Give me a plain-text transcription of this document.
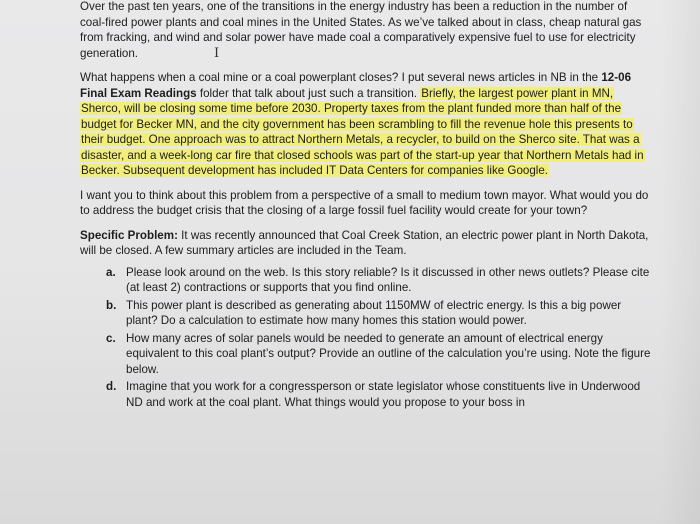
Over the past ten years, one of the transitions in the energy industry has been a reduction in the number of coal-fired power plants and coal mines in the United States. As we’ve talked about in class, cheap natural gas from fracking, and wind and solar power have made coal a comparatively expensive fuel to use for electricity generation.	I

What happens when a coal mine or a coal powerplant closes? I put several news articles in NB in the 12-06 Final Exam Readings folder that talk about just such a transition. Briefly, the largest power plant in MN, Sherco, will be closing some time before 2030. Property taxes from the plant funded more than half of the budget for Becker MN, and the city government has been scrambling to fill the revenue hole this presents to their budget. One approach was to attract Northern Metals, a recycler, to build on the Sherco site. That was a disaster, and a week-long car fire that closed schools was part of the start-up year that Northern Metals had in Becker. Subsequent development has included IT Data Centers for companies like Google.

I want you to think about this problem from a perspective of a small to medium town mayor. What would you do to address the budget crisis that the closing of a large fossil fuel facility would create for your town?

Specific Problem: It was recently announced that Coal Creek Station, an electric power plant in North Dakota, will be closed. A few summary articles are included in the Team.

a. Please look around on the web. Is this story reliable? Is it discussed in other news outlets? Please cite (at least 2) contractions or supports that you find online.
b. This power plant is described as generating about 1150MW of electric energy. Is this a big power plant? Do a calculation to estimate how many homes this station would power.
c. How many acres of solar panels would be needed to generate an amount of electrical energy equivalent to this coal plant’s output? Provide an outline of the calculation you’re using. Note the figure below.
d. Imagine that you work for a congressperson or state legislator whose constituents live in Underwood ND and work at the coal plant. What things would you propose to your boss in
